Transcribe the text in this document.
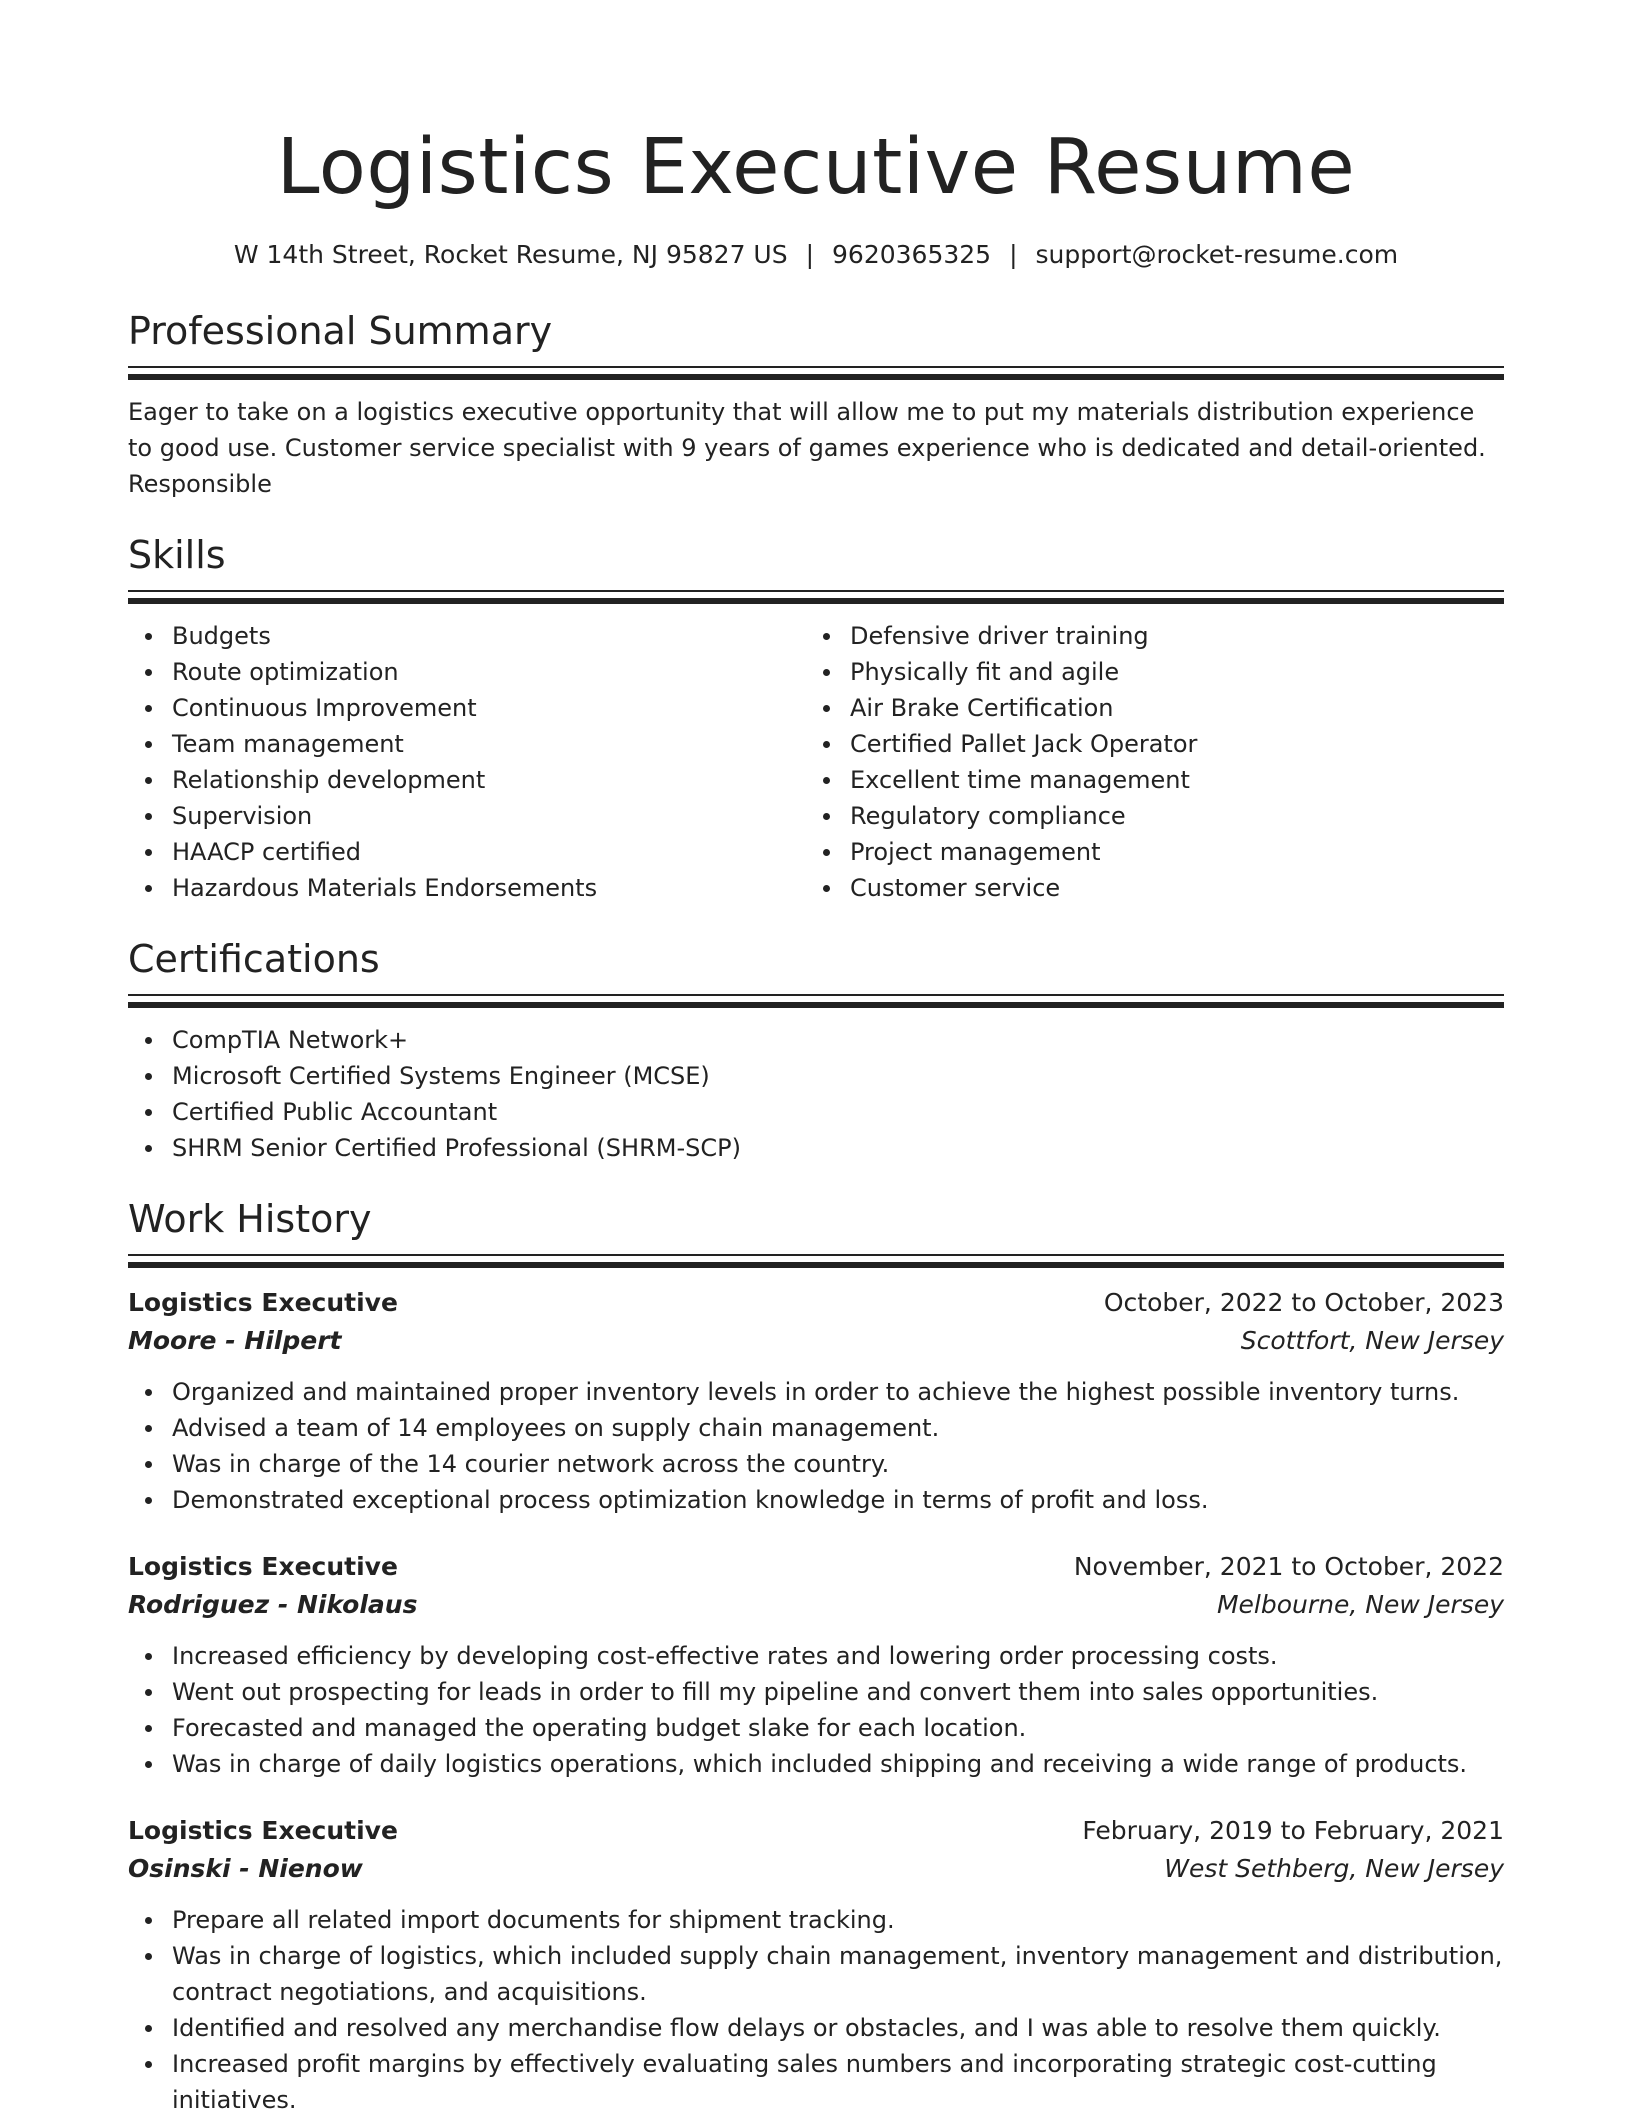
Logistics Executive Resume
W 14th Street, Rocket Resume, NJ 95827 US | 9620365325 | support@rocket-resume.com
Professional Summary

Eager to take on a logistics executive opportunity that will allow me to put my materials distribution experience to good use. Customer service specialist with 9 years of games experience who is dedicated and detail-oriented. Responsible

Skills
Budgets
Route optimization
Continuous Improvement
Team management
Relationship development
Supervision
HAACP certified
Hazardous Materials Endorsements
Defensive driver training
Physically fit and agile
Air Brake Certification
Certified Pallet Jack Operator
Excellent time management
Regulatory compliance
Project management
Customer service
Certifications
CompTIA Network+
Microsoft Certified Systems Engineer (MCSE)
Certified Public Accountant
SHRM Senior Certified Professional (SHRM-SCP)
Work History
Logistics Executive	October, 2022 to October, 2023
Moore - Hilpert	Scottfort, New Jersey
Organized and maintained proper inventory levels in order to achieve the highest possible inventory turns.
Advised a team of 14 employees on supply chain management.
Was in charge of the 14 courier network across the country.
Demonstrated exceptional process optimization knowledge in terms of profit and loss.
Logistics Executive	November, 2021 to October, 2022
Rodriguez - Nikolaus	Melbourne, New Jersey
Increased efficiency by developing cost-effective rates and lowering order processing costs.
Went out prospecting for leads in order to fill my pipeline and convert them into sales opportunities.
Forecasted and managed the operating budget slake for each location.
Was in charge of daily logistics operations, which included shipping and receiving a wide range of products.
Logistics Executive	February, 2019 to February, 2021
Osinski - Nienow	West Sethberg, New Jersey
Prepare all related import documents for shipment tracking.
Was in charge of logistics, which included supply chain management, inventory management and distribution, contract negotiations, and acquisitions.
Identified and resolved any merchandise flow delays or obstacles, and I was able to resolve them quickly.
Increased profit margins by effectively evaluating sales numbers and incorporating strategic cost-cutting initiatives.
